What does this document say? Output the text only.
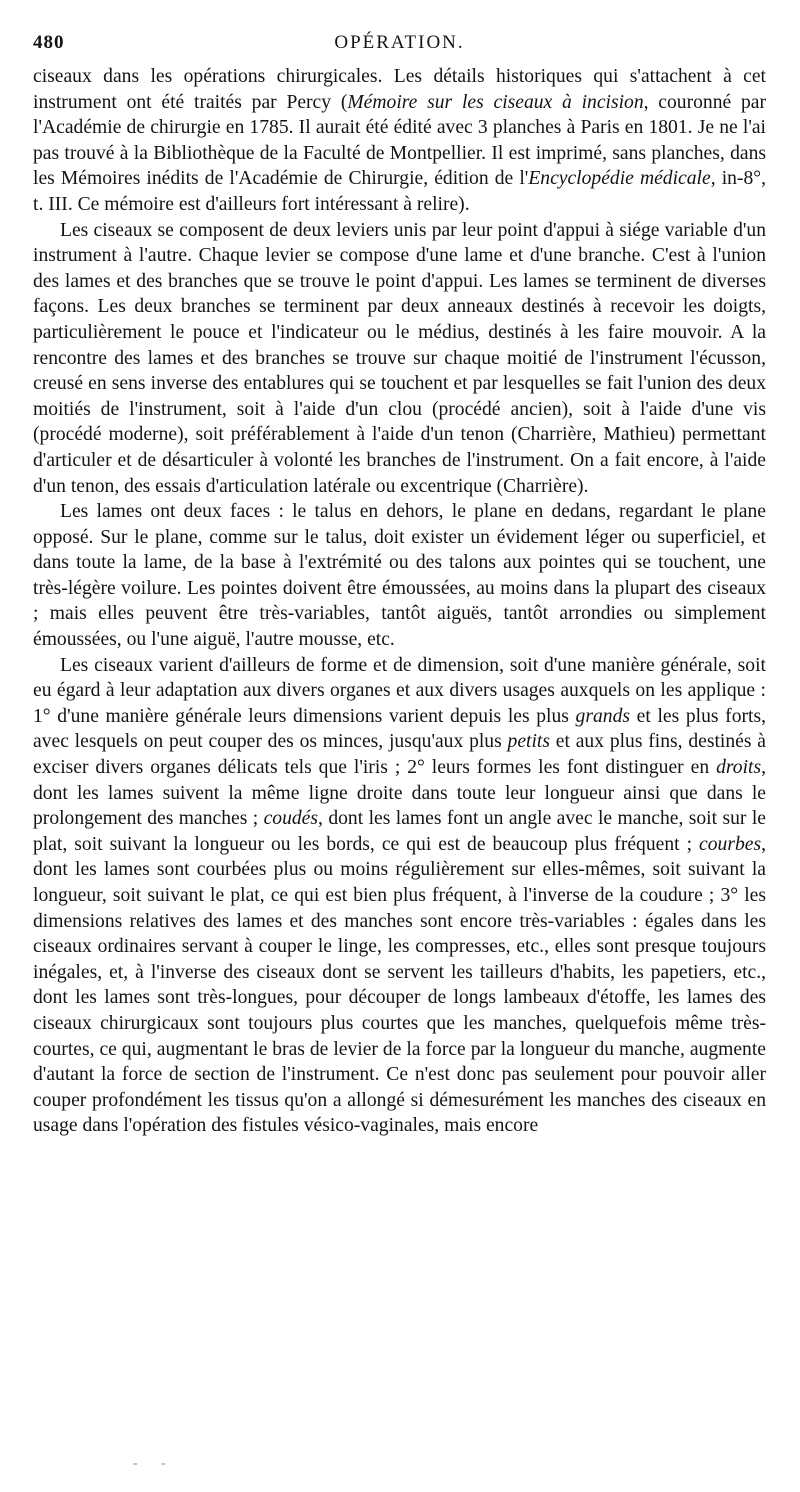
480	OPÉRATION.

ciseaux dans les opérations chirurgicales. Les détails historiques qui s'attachent à cet instrument ont été traités par Percy (Mémoire sur les ciseaux à incision, couronné par l'Académie de chirurgie en 1785. Il aurait été édité avec 3 planches à Paris en 1801. Je ne l'ai pas trouvé à la Bibliothèque de la Faculté de Montpellier. Il est imprimé, sans planches, dans les Mémoires inédits de l'Académie de Chirurgie, édition de l'Encyclopédie médicale, in-8°, t. III. Ce mémoire est d'ailleurs fort intéressant à relire).

Les ciseaux se composent de deux leviers unis par leur point d'appui à siége variable d'un instrument à l'autre. Chaque levier se compose d'une lame et d'une branche. C'est à l'union des lames et des branches que se trouve le point d'appui. Les lames se terminent de diverses façons. Les deux branches se terminent par deux anneaux destinés à recevoir les doigts, particulièrement le pouce et l'indicateur ou le médius, destinés à les faire mouvoir. A la rencontre des lames et des branches se trouve sur chaque moitié de l'instrument l'écusson, creusé en sens inverse des entablures qui se touchent et par lesquelles se fait l'union des deux moitiés de l'instrument, soit à l'aide d'un clou (procédé ancien), soit à l'aide d'une vis (procédé moderne), soit préférablement à l'aide d'un tenon (Charrière, Mathieu) permettant d'articuler et de désarticuler à volonté les branches de l'instrument. On a fait encore, à l'aide d'un tenon, des essais d'articulation latérale ou excentrique (Charrière).

Les lames ont deux faces : le talus en dehors, le plane en dedans, regardant le plane opposé. Sur le plane, comme sur le talus, doit exister un évidement léger ou superficiel, et dans toute la lame, de la base à l'extrémité ou des talons aux pointes qui se touchent, une très-légère voilure. Les pointes doivent être émoussées, au moins dans la plupart des ciseaux ; mais elles peuvent être très-variables, tantôt aiguës, tantôt arrondies ou simplement émoussées, ou l'une aiguë, l'autre mousse, etc.

Les ciseaux varient d'ailleurs de forme et de dimension, soit d'une manière générale, soit eu égard à leur adaptation aux divers organes et aux divers usages auxquels on les applique : 1° d'une manière générale leurs dimensions varient depuis les plus grands et les plus forts, avec lesquels on peut couper des os minces, jusqu'aux plus petits et aux plus fins, destinés à exciser divers organes délicats tels que l'iris ; 2° leurs formes les font distinguer en droits, dont les lames suivent la même ligne droite dans toute leur longueur ainsi que dans le prolongement des manches ; coudés, dont les lames font un angle avec le manche, soit sur le plat, soit suivant la longueur ou les bords, ce qui est de beaucoup plus fréquent ; courbes, dont les lames sont courbées plus ou moins régulièrement sur elles-mêmes, soit suivant la longueur, soit suivant le plat, ce qui est bien plus fréquent, à l'inverse de la coudure ; 3° les dimensions relatives des lames et des manches sont encore très-variables : égales dans les ciseaux ordinaires servant à couper le linge, les compresses, etc., elles sont presque toujours inégales, et, à l'inverse des ciseaux dont se servent les tailleurs d'habits, les papetiers, etc., dont les lames sont très-longues, pour découper de longs lambeaux d'étoffe, les lames des ciseaux chirurgicaux sont toujours plus courtes que les manches, quelquefois même très-courtes, ce qui, augmentant le bras de levier de la force par la longueur du manche, augmente d'autant la force de section de l'instrument. Ce n'est donc pas seulement pour pouvoir aller couper profondément les tissus qu'on a allongé si démesurément les manches des ciseaux en usage dans l'opération des fistules vésico-vaginales, mais encore

- -
